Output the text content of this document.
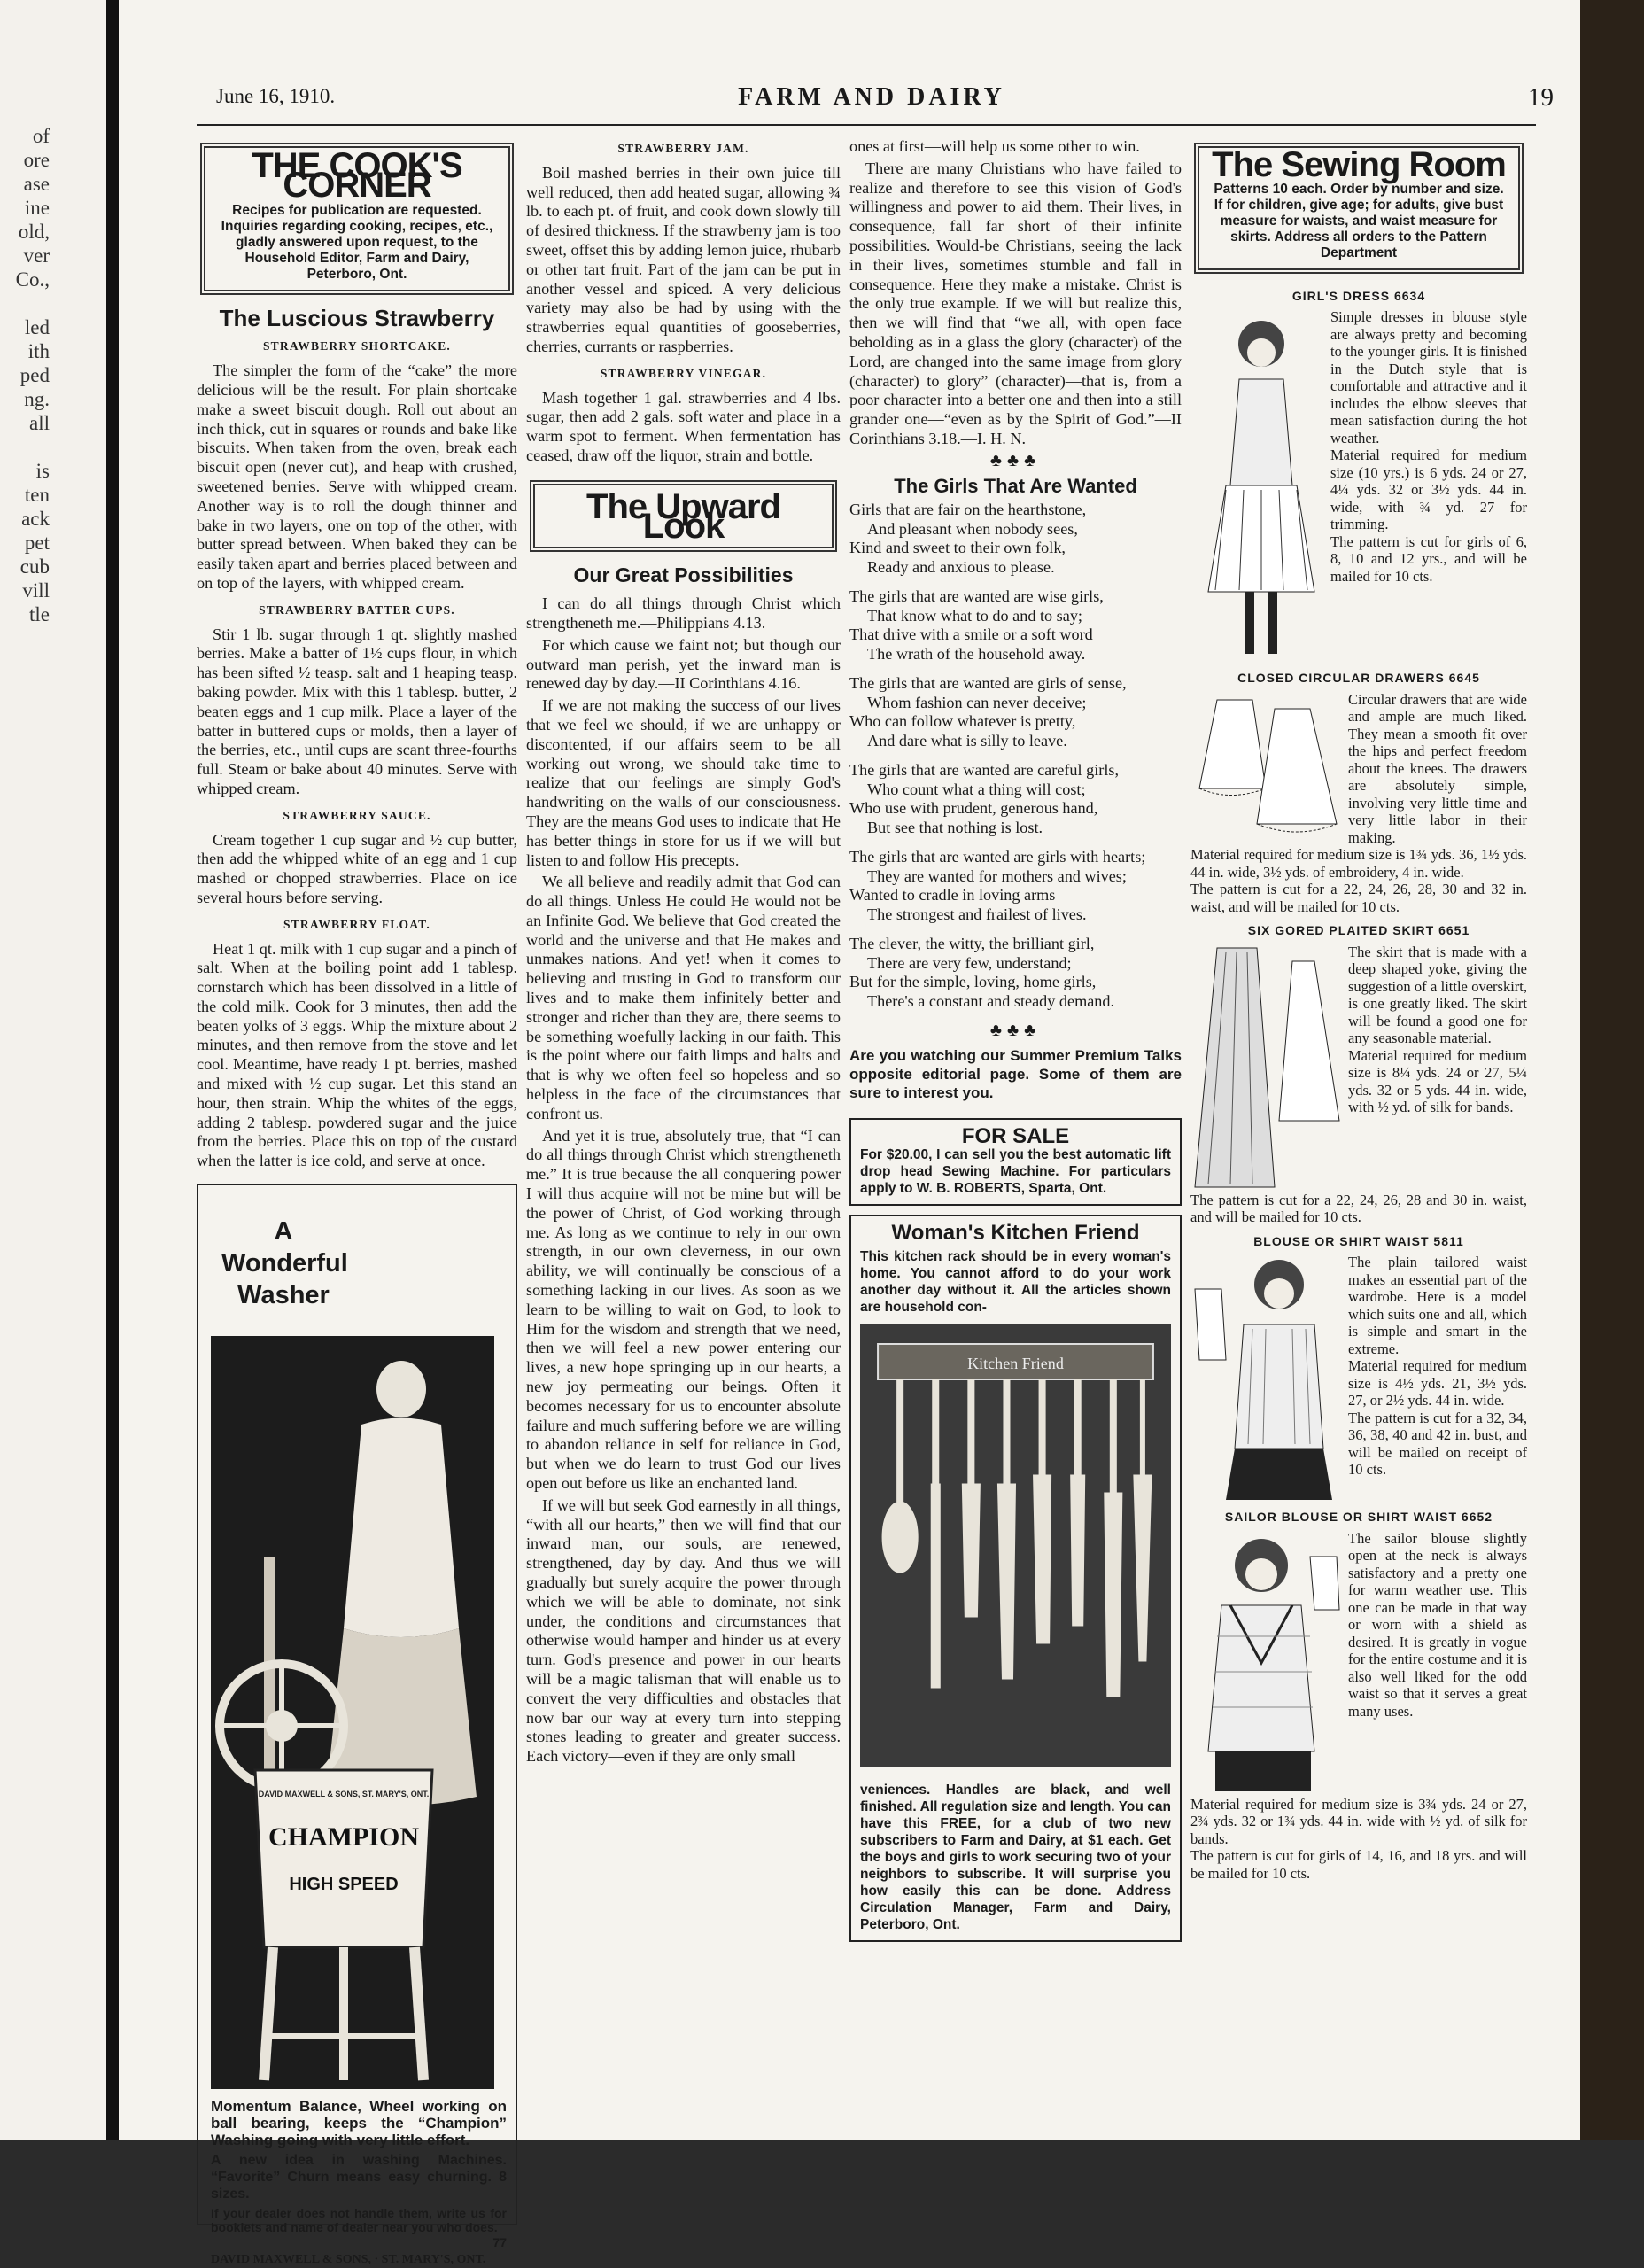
of
ore
ase
ine
old,
ver
Co.,

led
ith
ped
ng.
all

is
ten
ack
pet
cub
vill
tle
June 16, 1910.	FARM AND DAIRY	19
THE COOK'S CORNER
Recipes for publication are requested. Inquiries regarding cooking, recipes, etc., gladly answered upon request, to the Household Editor, Farm and Dairy, Peterboro, Ont.
The Luscious Strawberry
STRAWBERRY SHORTCAKE.

The simpler the form of the “cake” the more delicious will be the result. For plain shortcake make a sweet biscuit dough. Roll out about an inch thick, cut in squares or rounds and bake like biscuits. When taken from the oven, break each biscuit open (never cut), and heap with crushed, sweetened berries. Serve with whipped cream. Another way is to roll the dough thinner and bake in two layers, one on top of the other, with butter spread between. When baked they can be easily taken apart and berries placed between and on top of the layers, with whipped cream.

STRAWBERRY BATTER CUPS.

Stir 1 lb. sugar through 1 qt. slightly mashed berries. Make a batter of 1½ cups flour, in which has been sifted ½ teasp. salt and 1 heaping teasp. baking powder. Mix with this 1 tablesp. butter, 2 beaten eggs and 1 cup milk. Place a layer of the batter in buttered cups or molds, then a layer of the berries, etc., until cups are scant three-fourths full. Steam or bake about 40 minutes. Serve with whipped cream.

STRAWBERRY SAUCE.

Cream together 1 cup sugar and ½ cup butter, then add the whipped white of an egg and 1 cup mashed or chopped strawberries. Place on ice several hours before serving.

STRAWBERRY FLOAT.

Heat 1 qt. milk with 1 cup sugar and a pinch of salt. When at the boiling point add 1 tablesp. cornstarch which has been dissolved in a little of the cold milk. Cook for 3 minutes, then add the beaten yolks of 3 eggs. Whip the mixture about 2 minutes, and then remove from the stove and let cool. Meantime, have ready 1 pt. berries, mashed and mixed with ½ cup sugar. Let this stand an hour, then strain. Whip the whites of the eggs, adding 2 tablesp. powdered sugar and the juice from the berries. Place this on top of the custard when the latter is ice cold, and serve at once.

A Wonderful Washer
DAVID MAXWELL & SONS, ST. MARY'S, ONT.
CHAMPION
HIGH SPEED
Momentum Balance, Wheel working on ball bearing, keeps the “Champion” Washing going with very little effort.
A new idea in washing Machines. “Favorite” Churn means easy churning. 8 sizes.
If your dealer does not handle them, write us for booklets and name of dealer near you who does.
77
DAVID MAXWELL & SONS, · ST. MARY'S, ONT.
STRAWBERRY JAM.

Boil mashed berries in their own juice till well reduced, then add heated sugar, allowing ¾ lb. to each pt. of fruit, and cook down slowly till of desired thickness. If the strawberry jam is too sweet, offset this by adding lemon juice, rhubarb or other tart fruit. Part of the jam can be put in another vessel and spiced. A very delicious variety may also be had by using with the strawberries equal quantities of gooseberries, cherries, currants or raspberries.

STRAWBERRY VINEGAR.

Mash together 1 gal. strawberries and 4 lbs. sugar, then add 2 gals. soft water and place in a warm spot to ferment. When fermentation has ceased, draw off the liquor, strain and bottle.

The Upward Look
Our Great Possibilities

I can do all things through Christ which strengtheneth me.—Philippians 4.13.

For which cause we faint not; but though our outward man perish, yet the inward man is renewed day by day.—II Corinthians 4.16.

If we are not making the success of our lives that we feel we should, if we are unhappy or discontented, if our affairs seem to be all working out wrong, we should take time to realize that our feelings are simply God's handwriting on the walls of our consciousness. They are the means God uses to indicate that He has better things in store for us if we will but listen to and follow His precepts.

We all believe and readily admit that God can do all things. Unless He could He would not be an Infinite God. We believe that God created the world and the universe and that He makes and unmakes nations. And yet! when it comes to believing and trusting in God to transform our lives and to make them infinitely better and stronger and richer than they are, there seems to be something woefully lacking in our faith. This is the point where our faith limps and halts and that is why we often feel so hopeless and so helpless in the face of the circumstances that confront us.

And yet it is true, absolutely true, that “I can do all things through Christ which strengtheneth me.” It is true because the all conquering power I will thus acquire will not be mine but will be the power of Christ, of God working through me. As long as we continue to rely in our own strength, in our own cleverness, in our own ability, we will continually be conscious of a something lacking in our lives. As soon as we learn to be willing to wait on God, to look to Him for the wisdom and strength that we need, then we will feel a new power entering our lives, a new hope springing up in our hearts, a new joy permeating our beings. Often it becomes necessary for us to encounter absolute failure and much suffering before we are willing to abandon reliance in self for reliance in God, but when we do learn to trust God our lives open out before us like an enchanted land.

If we will but seek God earnestly in all things, “with all our hearts,” then we will find that our inward man, our souls, are renewed, strengthened, day by day. And thus we will gradually but surely acquire the power through which we will be able to dominate, not sink under, the conditions and circumstances that otherwise would hamper and hinder us at every turn. God's presence and power in our hearts will be a magic talisman that will enable us to convert the very difficulties and obstacles that now bar our way at every turn into stepping stones leading to greater and greater success. Each victory—even if they are only small

ones at first—will help us some other to win.

There are many Christians who have failed to realize and therefore to see this vision of God's willingness and power to aid them. Their lives, in consequence, fall far short of their infinite possibilities. Would-be Christians, seeing the lack in their lives, sometimes stumble and fall in consequence. Here they make a mistake. Christ is the only true example. If we will but realize this, then we will find that “we all, with open face beholding as in a glass the glory (character) of the Lord, are changed into the same image from glory (character) to glory” (character)—that is, from a poor character into a better one and then into a still grander one—“even as by the Spirit of God.”—II Corinthians 3.18.—I. H. N.

♣♣♣
The Girls That Are Wanted
Girls that are fair on the hearthstone,
And pleasant when nobody sees,
Kind and sweet to their own folk,
Ready and anxious to please.
The girls that are wanted are wise girls,
That know what to do and to say;
That drive with a smile or a soft word
The wrath of the household away.
The girls that are wanted are girls of sense,
Whom fashion can never deceive;
Who can follow whatever is pretty,
And dare what is silly to leave.
The girls that are wanted are careful girls,
Who count what a thing will cost;
Who use with prudent, generous hand,
But see that nothing is lost.
The girls that are wanted are girls with hearts;
They are wanted for mothers and wives;
Wanted to cradle in loving arms
The strongest and frailest of lives.
The clever, the witty, the brilliant girl,
There are very few, understand;
But for the simple, loving, home girls,
There's a constant and steady demand.
♣♣♣
Are you watching our Summer Premium Talks opposite editorial page. Some of them are sure to interest you.
FOR SALE
For $20.00, I can sell you the best automatic lift drop head Sewing Machine. For particulars apply to W. B. ROBERTS, Sparta, Ont.
Woman's Kitchen Friend
This kitchen rack should be in every woman's home. You cannot afford to do your work another day without it. All the articles shown are household con-
Kitchen Friend
veniences. Handles are black, and well finished. All regulation size and length. You can have this FREE, for a club of two new subscribers to Farm and Dairy, at $1 each. Get the boys and girls to work securing two of your neighbors to subscribe. It will surprise you how easily this can be done. Address Circulation Manager, Farm and Dairy, Peterboro, Ont.
The Sewing Room
Patterns 10 each. Order by number and size. If for children, give age; for adults, give bust measure for waists, and waist measure for skirts. Address all orders to the Pattern Department
GIRL'S DRESS 6634
Simple dresses in blouse style are always pretty and becoming to the younger girls. It is finished in the Dutch style that is comfortable and attractive and it includes the elbow sleeves that mean satisfaction during the hot weather.
Material required for medium size (10 yrs.) is 6 yds. 24 or 27, 4¼ yds. 32 or 3½ yds. 44 in. wide, with ¾ yd. 27 for trimming.
The pattern is cut for girls of 6, 8, 10 and 12 yrs., and will be mailed for 10 cts.
CLOSED CIRCULAR DRAWERS 6645
Circular drawers that are wide and ample are much liked. They mean a smooth fit over the hips and perfect freedom about the knees. The drawers are absolutely simple, involving very little time and very little labor in their making.
Material required for medium size is 1¾ yds. 36, 1½ yds. 44 in. wide, 3½ yds. of embroidery, 4 in. wide.
The pattern is cut for a 22, 24, 26, 28, 30 and 32 in. waist, and will be mailed for 10 cts.
SIX GORED PLAITED SKIRT 6651
The skirt that is made with a deep shaped yoke, giving the suggestion of a little overskirt, is one greatly liked. The skirt will be found a good one for any seasonable material.
Material required for medium size is 8¼ yds. 24 or 27, 5¼ yds. 32 or 5 yds. 44 in. wide, with ½ yd. of silk for bands.
The pattern is cut for a 22, 24, 26, 28 and 30 in. waist, and will be mailed for 10 cts.
BLOUSE OR SHIRT WAIST 5811
The plain tailored waist makes an essential part of the wardrobe. Here is a model which suits one and all, which is simple and smart in the extreme.
Material required for medium size is 4½ yds. 21, 3½ yds. 27, or 2½ yds. 44 in. wide.
The pattern is cut for a 32, 34, 36, 38, 40 and 42 in. bust, and will be mailed on receipt of 10 cts.
SAILOR BLOUSE OR SHIRT WAIST 6652
The sailor blouse slightly open at the neck is always satisfactory and a pretty one for warm weather use. This one can be made in that way or worn with a shield as desired. It is greatly in vogue for the entire costume and it is also well liked for the odd waist so that it serves a great many uses.
Material required for medium size is 3¾ yds. 24 or 27, 2¾ yds. 32 or 1¾ yds. 44 in. wide with ½ yd. of silk for bands.
The pattern is cut for girls of 14, 16, and 18 yrs. and will be mailed for 10 cts.
